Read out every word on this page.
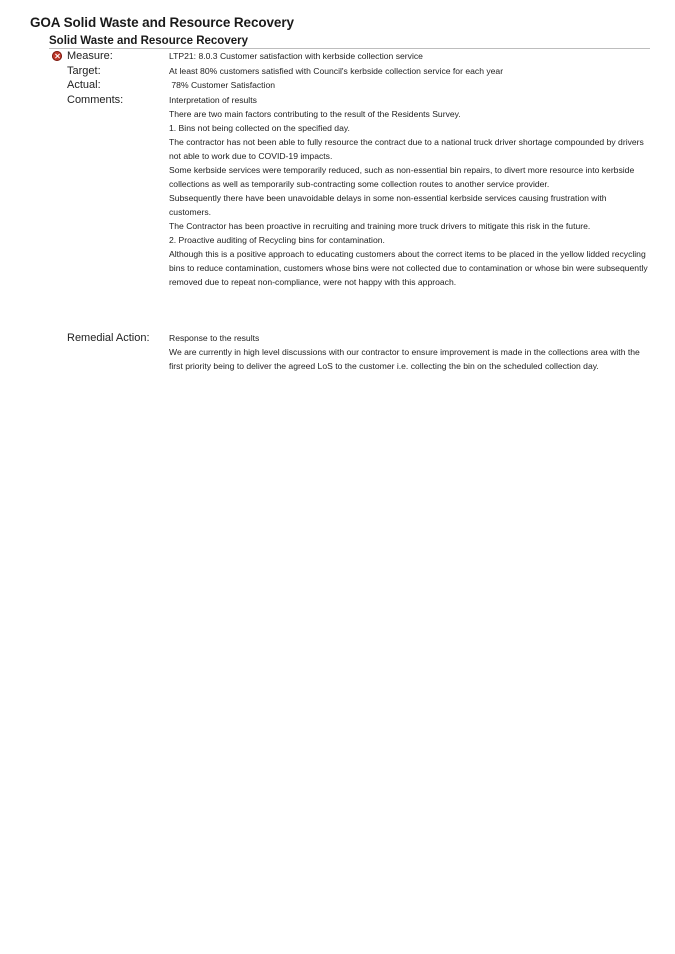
GOA Solid Waste and Resource Recovery
Solid Waste and Resource Recovery
Measure:	LTP21: 8.0.3 Customer satisfaction with kerbside collection service
Target:	At least 80% customers satisfied with Council's kerbside collection service for each year
Actual:	78% Customer Satisfaction
Comments:	Interpretation of results
There are two main factors contributing to the result of the Residents Survey.
1. Bins not being collected on the specified day.
The contractor has not been able to fully resource the contract due to a national truck driver shortage compounded by drivers not able to work due to COVID-19 impacts.
Some kerbside services were temporarily reduced, such as non-essential bin repairs, to divert more resource into kerbside collections as well as temporarily sub-contracting some collection routes to another service provider.
Subsequently there have been unavoidable delays in some non-essential kerbside services causing frustration with customers.
The Contractor has been proactive in recruiting and training more truck drivers to mitigate this risk in the future.
2. Proactive auditing of Recycling bins for contamination.
Although this is a positive approach to educating customers about the correct items to be placed in the yellow lidded recycling bins to reduce contamination, customers whose bins were not collected due to contamination or whose bin were subsequently removed due to repeat non-compliance, were not happy with this approach.
Remedial Action: Response to the results
We are currently in high level discussions with our contractor to ensure improvement is made in the collections area with the first priority being to deliver the agreed LoS to the customer i.e. collecting the bin on the scheduled collection day.
